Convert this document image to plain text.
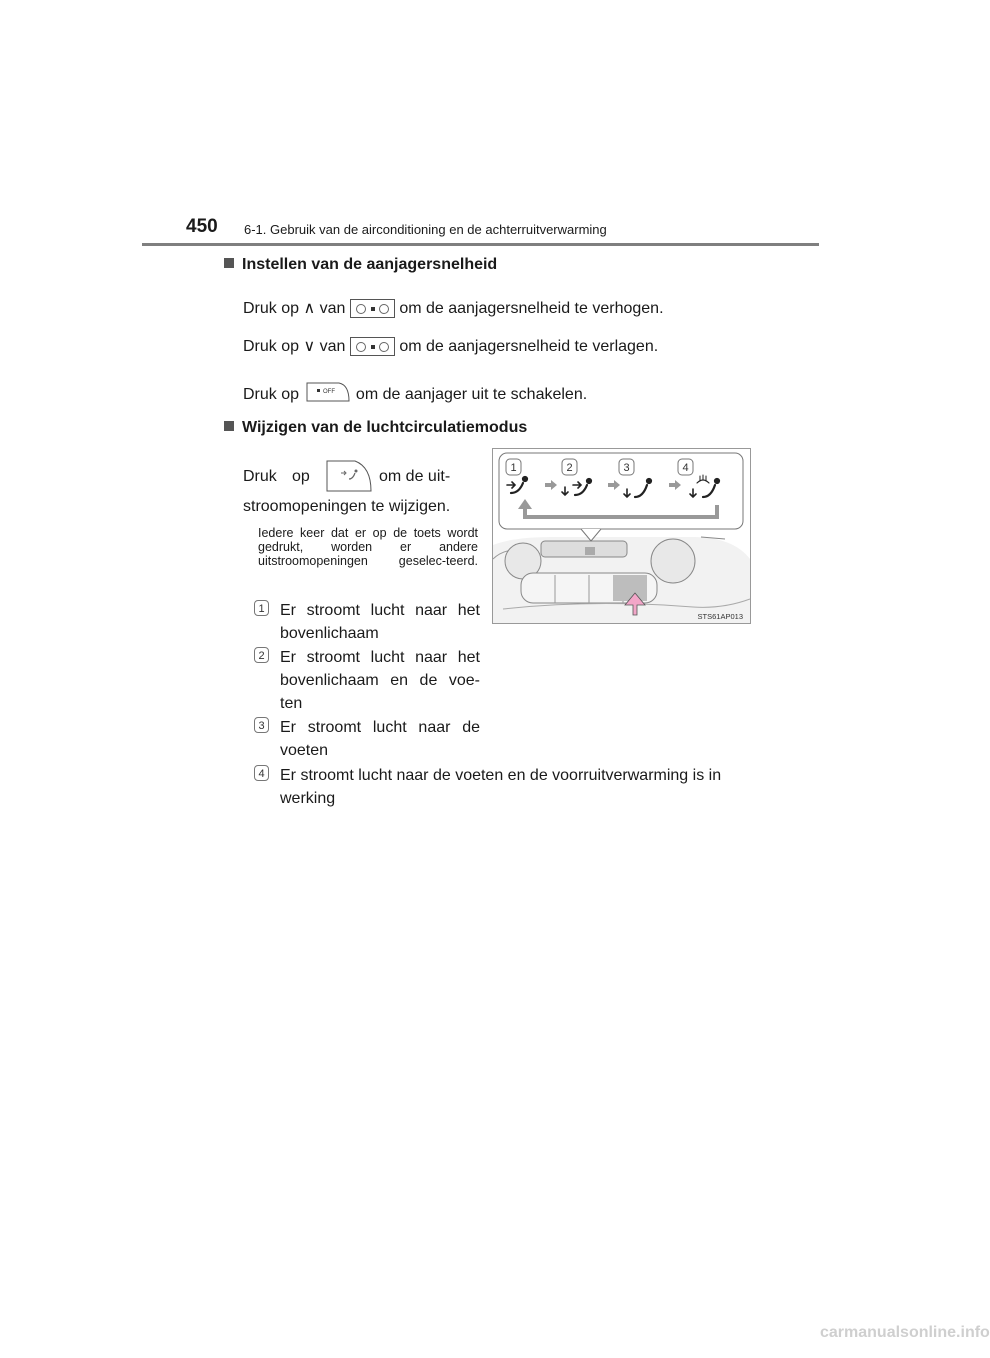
450 6-1. Gebruik van de airconditioning en de achterruitverwarming
Instellen van de aanjagersnelheid
Druk op ∧ van	om de aanjagersnelheid te verhogen.
Druk op ∨ van	om de aanjagersnelheid te verlagen.
Druk op	OFF om de aanjager uit te schakelen.
Wijzigen van de luchtcirculatiemodus
Druk op	om de uit-
stroomopeningen te wijzigen.
Iedere keer dat er op de toets wordt gedrukt, worden er andere uitstroomopeningen geselec-teerd.
1 Er stroomt lucht naar het bovenlichaam
2 Er stroomt lucht naar het bovenlichaam en de voe-ten
3 Er stroomt lucht naar de voeten
4 Er stroomt lucht naar de voeten en de voorruitverwarming is in werking
1	2	3	4
STS61AP013
carmanualsonline.info
